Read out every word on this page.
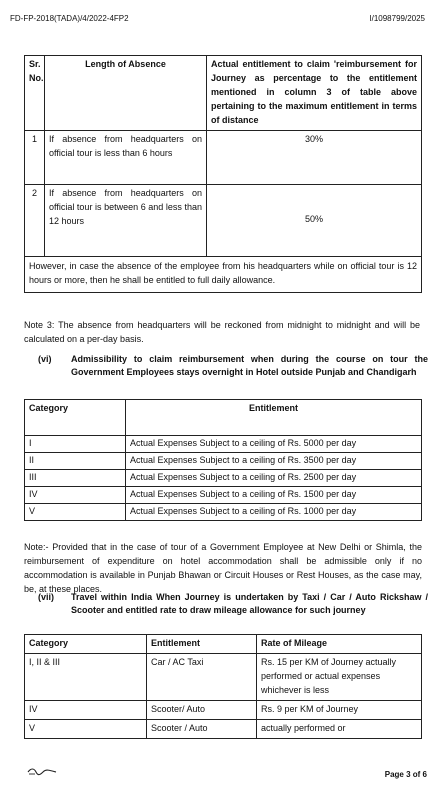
FD-FP-2018(TADA)/4/2022-4FP2	I/1098799/2025
Sr. No.	Length of Absence	Actual entitlement to claim 'reimbursement for Journey as percentage to the entitlement mentioned in column 3 of table above pertaining to the maximum entitlement in terms of distance
1	If absence from headquarters on official tour is less than 6 hours	30%
2	If absence from headquarters on official tour is between 6 and less than 12 hours	50%
However, in case the absence of the employee from his headquarters while on official tour is 12 hours or more, then he shall be entitled to full daily allowance.		
Note 3: The absence from headquarters will be reckoned from midnight to midnight and will be calculated on a per-day basis.
(vi) Admissibility to claim reimbursement when during the course on tour the Government Employees stays overnight in Hotel outside Punjab and Chandigarh
Category	Entitlement
I	Actual Expenses Subject to a ceiling of Rs. 5000 per day
II	Actual Expenses Subject to a ceiling of Rs. 3500 per day
III	Actual Expenses Subject to a ceiling of Rs. 2500 per day
IV	Actual Expenses Subject to a ceiling of Rs. 1500 per day
V	Actual Expenses Subject to a ceiling of Rs. 1000 per day
Note:- Provided that in the case of tour of a Government Employee at New Delhi or Shimla, the reimbursement of expenditure on hotel accommodation shall be admissible only if no accommodation is available in Punjab Bhawan or Circuit Houses or Rest Houses, as the case may, be, at these places.
(vii) Travel within India When Journey is undertaken by Taxi / Car / Auto Rickshaw / Scooter and entitled rate to draw mileage allowance for such journey
Category	Entitlement	Rate of Mileage
I, II & III	Car / AC Taxi	Rs. 15 per KM of Journey actually performed or actual expenses whichever is less
IV	Scooter/ Auto	Rs. 9 per KM of Journey
V	Scooter / Auto	actually performed or
Page 3 of 6
